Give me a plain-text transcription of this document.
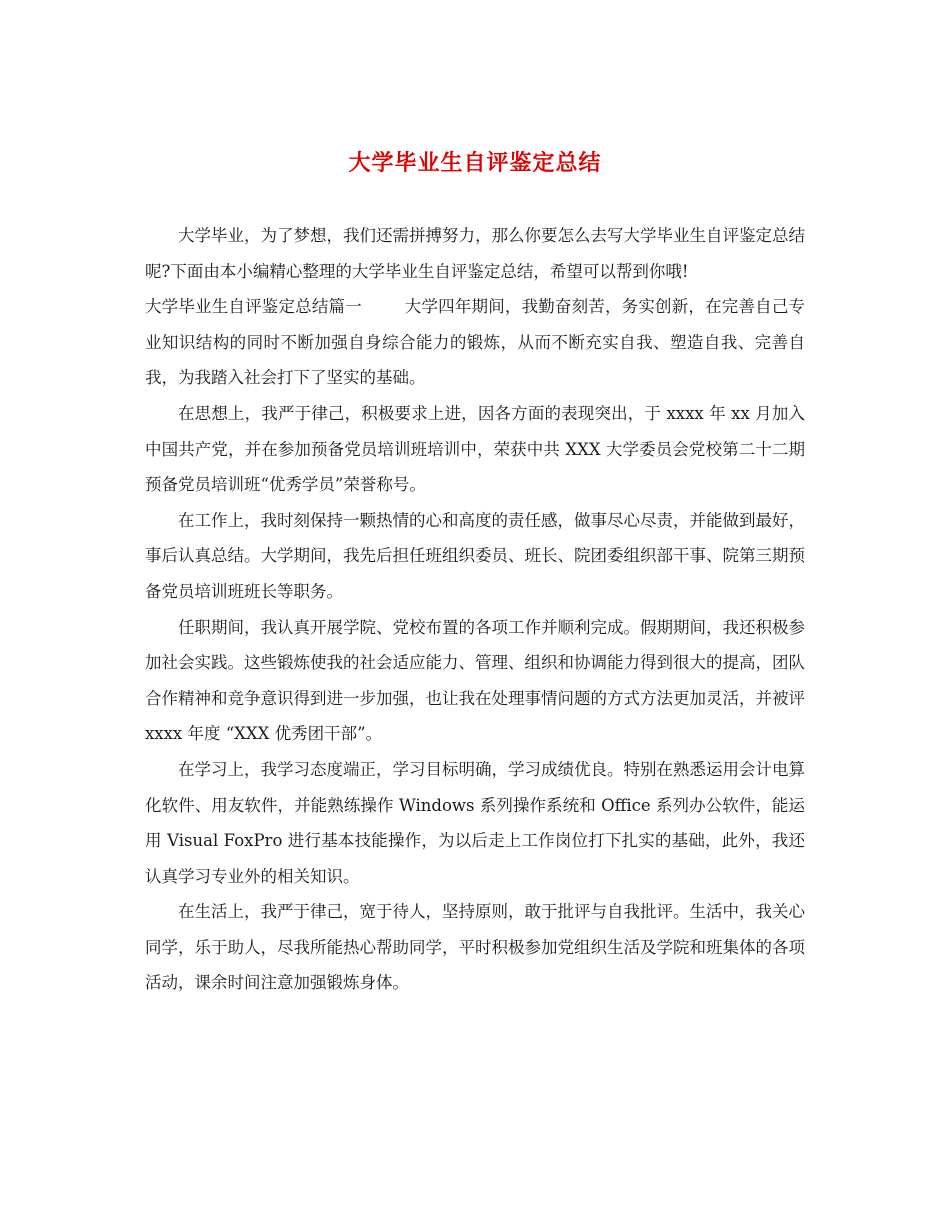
大学毕业生自评鉴定总结

大学毕业，为了梦想，我们还需拼搏努力，那么你要怎么去写大学毕业生自评鉴定总结呢?下面由本小编精心整理的大学毕业生自评鉴定总结，希望可以帮到你哦!

大学毕业生自评鉴定总结篇一	大学四年期间，我勤奋刻苦，务实创新，在完善自己专业知识结构的同时不断加强自身综合能力的锻炼，从而不断充实自我、塑造自我、完善自我，为我踏入社会打下了坚实的基础。

在思想上，我严于律己，积极要求上进，因各方面的表现突出，于 xxxx 年 xx 月加入中国共产党，并在参加预备党员培训班培训中，荣获中共 XXX 大学委员会党校第二十二期预备党员培训班“优秀学员”荣誉称号。

在工作上，我时刻保持一颗热情的心和高度的责任感，做事尽心尽责，并能做到最好，事后认真总结。大学期间，我先后担任班组织委员、班长、院团委组织部干事、院第三期预备党员培训班班长等职务。

任职期间，我认真开展学院、党校布置的各项工作并顺利完成。假期期间，我还积极参加社会实践。这些锻炼使我的社会适应能力、管理、组织和协调能力得到很大的提高，团队合作精神和竞争意识得到进一步加强，也让我在处理事情问题的方式方法更加灵活，并被评 xxxx 年度 “XXX 优秀团干部”。

在学习上，我学习态度端正，学习目标明确，学习成绩优良。特别在熟悉运用会计电算化软件、用友软件，并能熟练操作 Windows 系列操作系统和 Office 系列办公软件，能运用 Visual FoxPro 进行基本技能操作，为以后走上工作岗位打下扎实的基础，此外，我还认真学习专业外的相关知识。

在生活上，我严于律己，宽于待人，坚持原则，敢于批评与自我批评。生活中，我关心同学，乐于助人，尽我所能热心帮助同学，平时积极参加党组织生活及学院和班集体的各项活动，课余时间注意加强锻炼身体。
